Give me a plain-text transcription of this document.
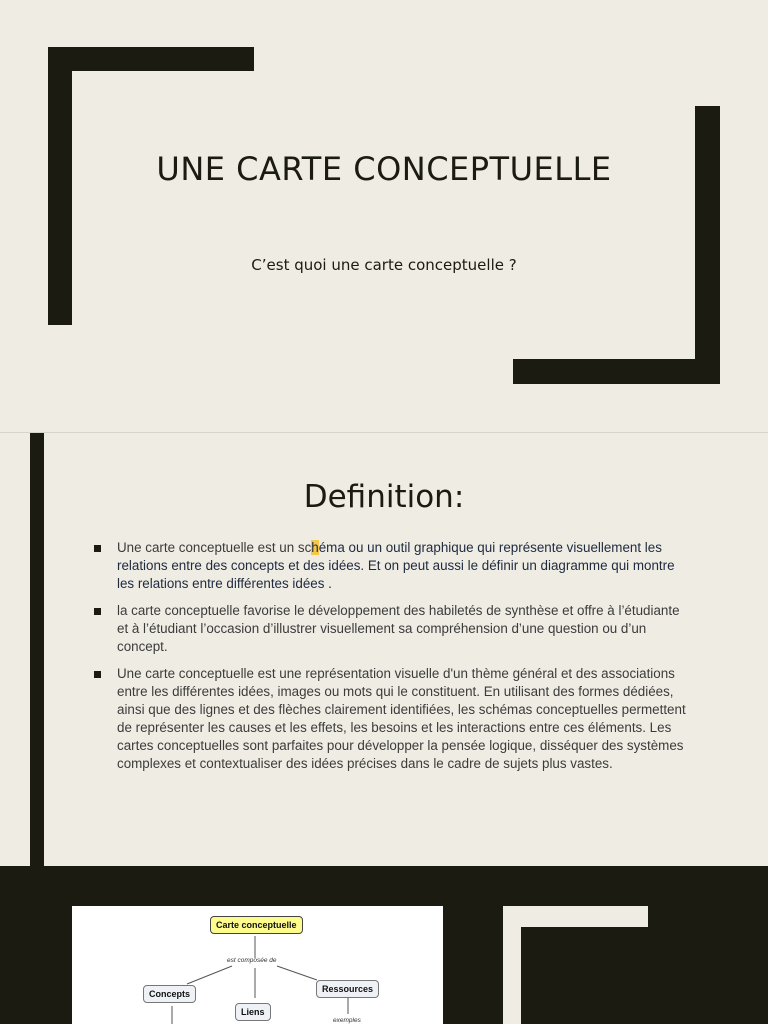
UNE CARTE CONCEPTUELLE
C’est quoi une carte conceptuelle ?
Definition:
Une carte conceptuelle est un schéma ou un outil graphique qui représente visuellement les relations entre des concepts et des idées. Et on peut aussi le définir un diagramme qui montre les relations entre différentes idées .
la carte conceptuelle favorise le développement des habiletés de synthèse et offre à l’étudiante et à l’étudiant l’occasion d’illustrer visuellement sa compréhension d’une question ou d’un concept.
Une carte conceptuelle est une représentation visuelle d'un thème général et des associations entre les différentes idées, images ou mots qui le constituent. En utilisant des formes dédiées, ainsi que des lignes et des flèches clairement identifiées, les schémas conceptuelles permettent de représenter les causes et les effets, les besoins et les interactions entre ces éléments. Les cartes conceptuelles sont parfaites pour développer la pensée logique, disséquer des systèmes complexes et contextualiser des idées précises dans le cadre de sujets plus vastes.
Carte conceptuelle
est composée de
Concepts
Liens
Ressources
exemples
